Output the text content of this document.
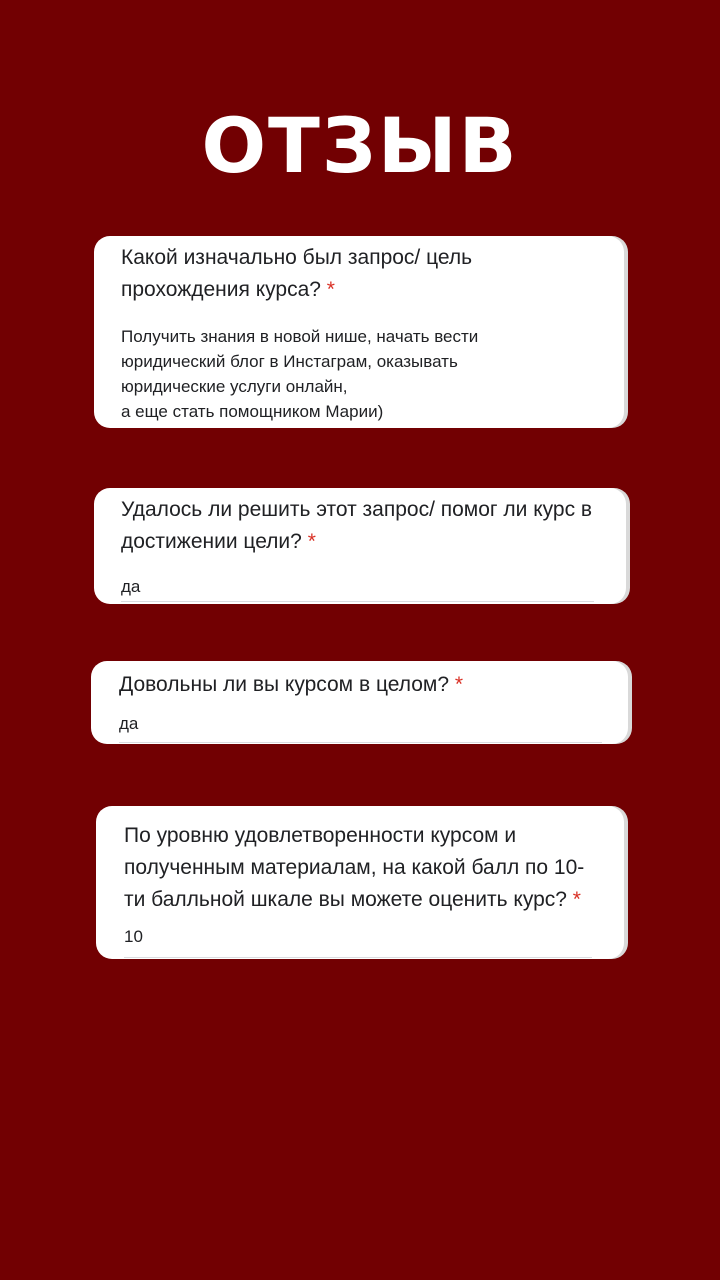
ОТЗЫВ

Какой изначально был запрос/ цель прохождения курса? *

Получить знания в новой нише, начать вести
юридический блог в Инстаграм, оказывать
юридические услуги онлайн,
а еще стать помощником Марии)

Удалось ли решить этот запрос/ помог ли курс в достижении цели? *

да

Довольны ли вы курсом в целом? *

да

По уровню удовлетворенности курсом и полученным материалам, на какой балл по 10-ти балльной шкале вы можете оценить курс? *

10
